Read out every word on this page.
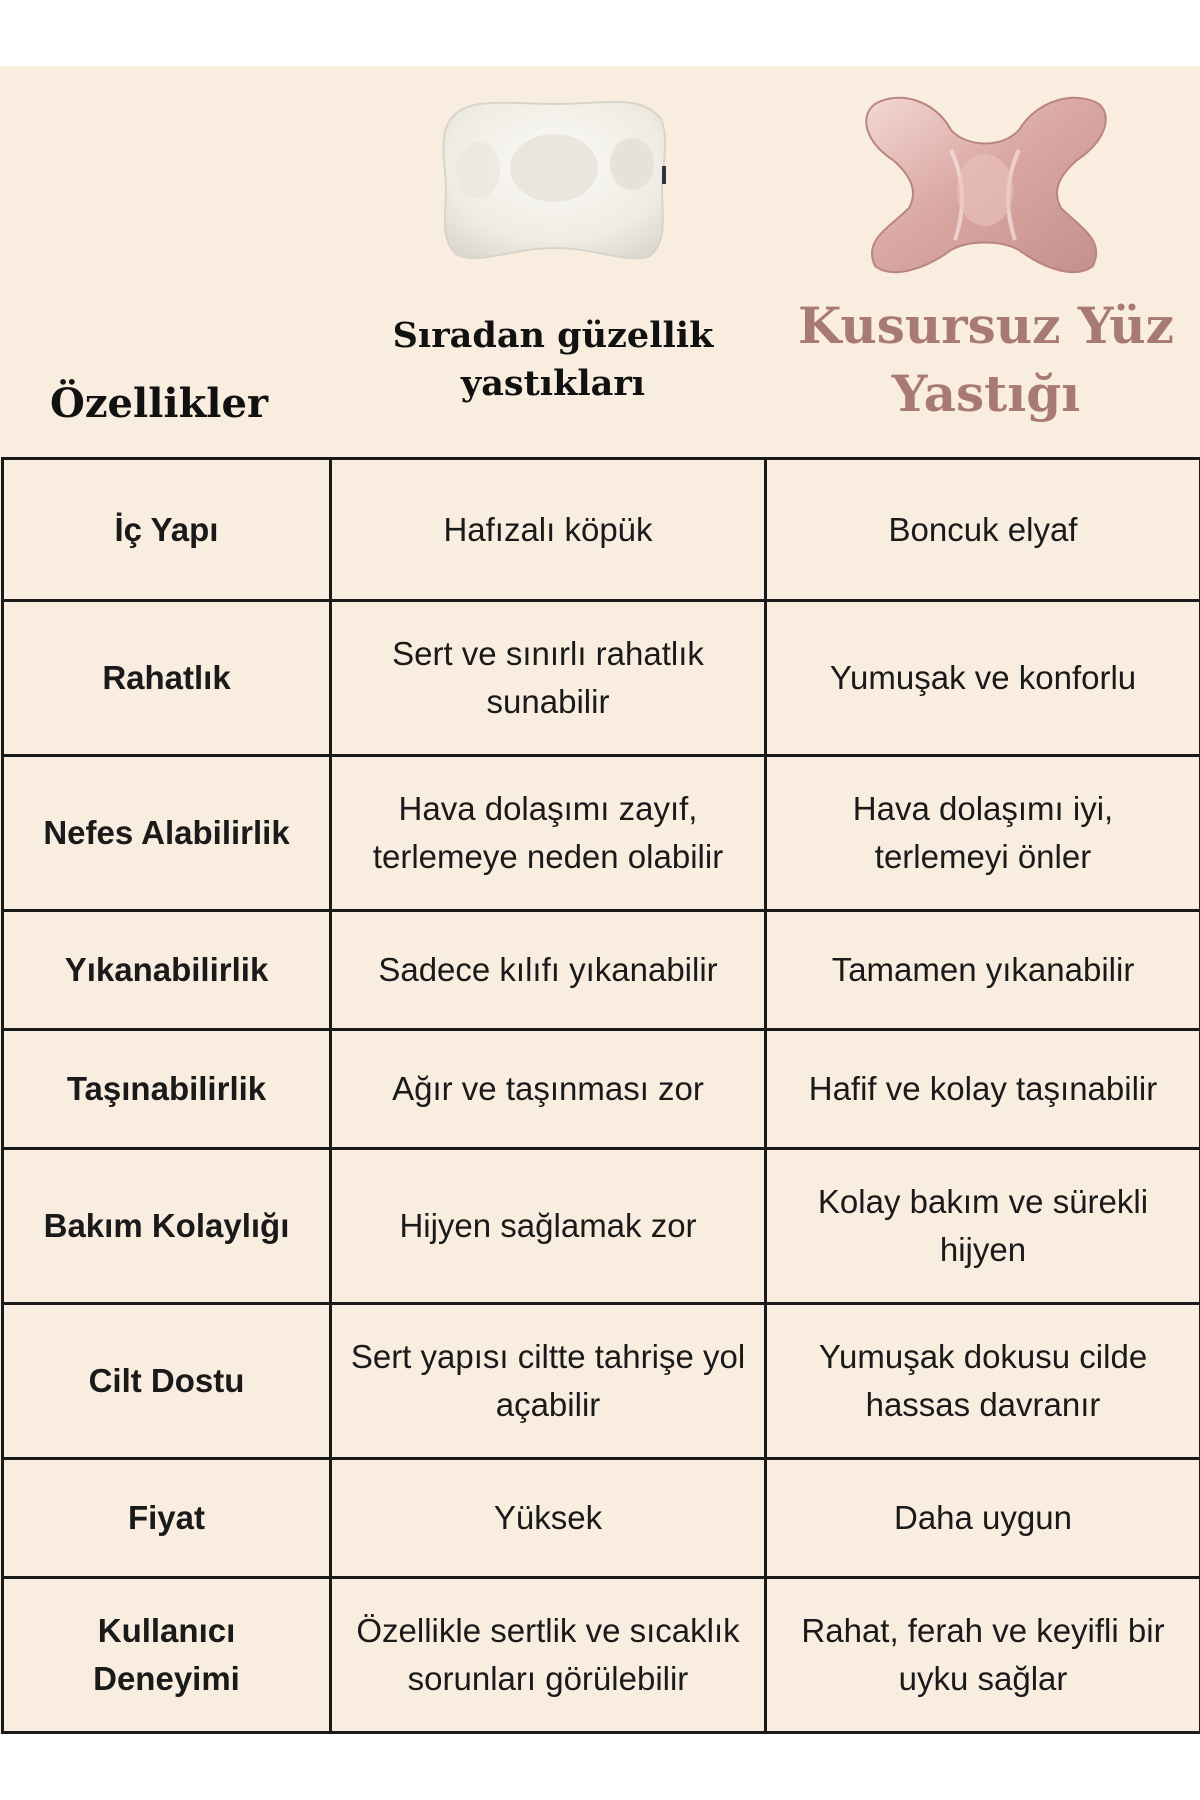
Özellikler
Sıradan güzellik yastıkları
Kusursuz Yüz Yastığı
İç Yapı	Hafızalı köpük	Boncuk elyaf
Rahatlık	Sert ve sınırlı rahatlık sunabilir	Yumuşak ve konforlu
Nefes Alabilirlik	Hava dolaşımı zayıf, terlemeye neden olabilir	Hava dolaşımı iyi, terlemeyi önler
Yıkanabilirlik	Sadece kılıfı yıkanabilir	Tamamen yıkanabilir
Taşınabilirlik	Ağır ve taşınması zor	Hafif ve kolay taşınabilir
Bakım Kolaylığı	Hijyen sağlamak zor	Kolay bakım ve sürekli hijyen
Cilt Dostu	Sert yapısı ciltte tahrişe yol açabilir	Yumuşak dokusu cilde hassas davranır
Fiyat	Yüksek	Daha uygun
Kullanıcı Deneyimi	Özellikle sertlik ve sıcaklık sorunları görülebilir	Rahat, ferah ve keyifli bir uyku sağlar
